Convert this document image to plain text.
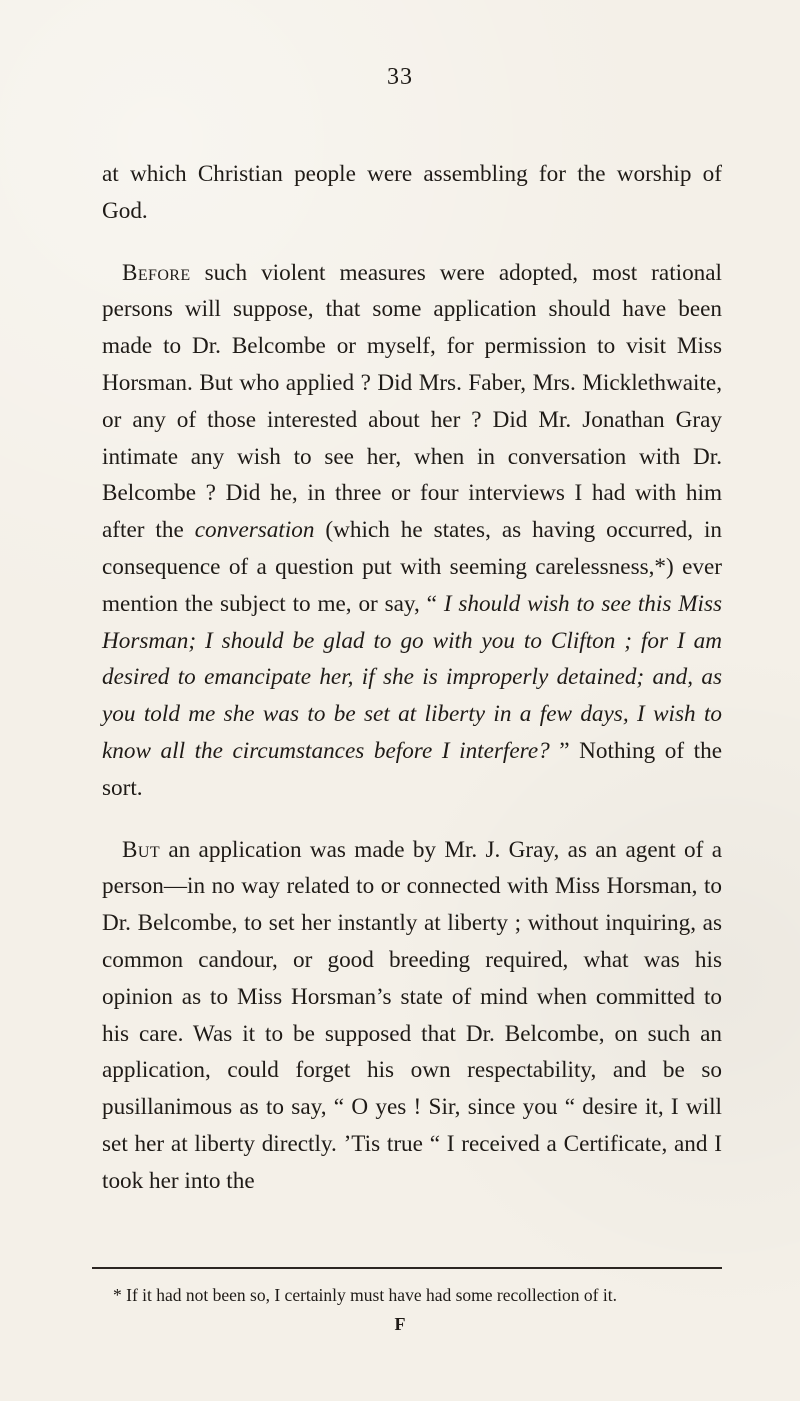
33

at which Christian people were assembling for the worship of God.

Before such violent measures were adopted, most rational persons will suppose, that some application should have been made to Dr. Belcombe or myself, for permission to visit Miss Horsman. But who applied ? Did Mrs. Faber, Mrs. Micklethwaite, or any of those interested about her ? Did Mr. Jonathan Gray intimate any wish to see her, when in conversation with Dr. Belcombe ? Did he, in three or four interviews I had with him after the conversation (which he states, as having occurred, in consequence of a question put with seeming carelessness,*) ever mention the subject to me, or say, “ I should wish to see this Miss Horsman; I should be glad to go with you to Clifton ; for I am desired to emancipate her, if she is improperly detained; and, as you told me she was to be set at liberty in a few days, I wish to know all the circumstances before I interfere? ” Nothing of the sort.

But an application was made by Mr. J. Gray, as an agent of a person—in no way related to or connected with Miss Horsman, to Dr. Belcombe, to set her instantly at liberty ; without inquiring, as common candour, or good breeding required, what was his opinion as to Miss Horsman’s state of mind when committed to his care. Was it to be supposed that Dr. Belcombe, on such an application, could forget his own respectability, and be so pusillanimous as to say, “ O yes ! Sir, since you “ desire it, I will set her at liberty directly. ’Tis true “ I received a Certificate, and I took her into the

* If it had not been so, I certainly must have had some recollection of it.
F
